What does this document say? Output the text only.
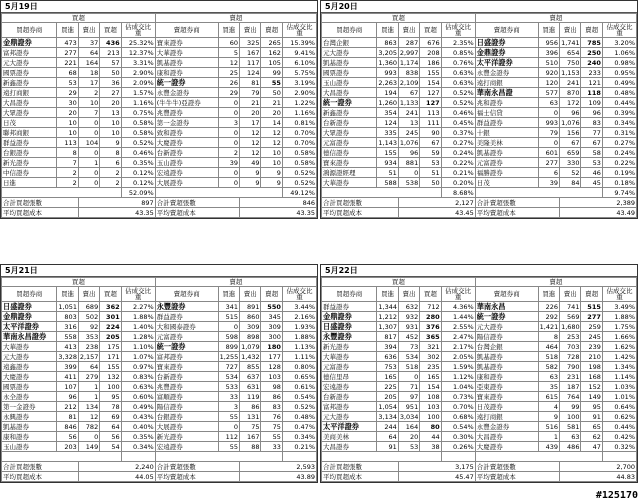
5月19日
買超					賣超				
買超券商	買進	賣出	買超	佔成交比重	賣超券商	買進	賣出	賣超	佔成交比重
金鼎證券	473	37	436	25.32%	寶來證券	60	325	265	15.39%
富邦證券	277	64	213	12.37%	大華證券	5	167	162	9.41%
元大證券	221	164	57	3.31%	凱基證券	12	117	105	6.10%
國票證券	68	18	50	2.90%	康和證券	25	124	99	5.75%
新鑫證券	53	17	36	2.09%	統一證券	26	81	55	3.19%
遠打商銀	29	2	27	1.57%	永豐金證券	29	79	50	2.90%
大昌證券	30	10	20	1.16%	(牛牛牛)亞證券	0	21	21	1.22%
大眾證券	20	7	13	0.75%	兆豐證券	0	20	20	1.16%
日茂	10	0	10	0.58%	第一金證券	3	17	14	0.81%
聯邦商銀	10	0	10	0.58%	致和證券	0	12	12	0.70%
群益證券	113	104	9	0.52%	大慶證券	0	12	12	0.70%
台銀證券	8	0	8	0.46%	台新證券	2	12	10	0.58%
新光證券	7	1	6	0.35%	玉山證券	39	49	10	0.58%
中信證券	2	0	2	0.12%	宏遠證券	0	9	9	0.52%
日進	2	0	2	0.12%	大展證券	0	9	9	0.52%
				52.09%					49.12%
合計買超張數		897			合計賣超張數		846		
平均買超成本		43.35			平均賣超成本		43.35		
5月20日
買超					賣超				
買超券商	買進	賣出	買超	佔成交比重	賣超券商	買進	賣出	賣超	佔成交比重
台灣企銀	863	287	676	2.35%	日盛證券	956	1,741	785	3.20%
元大證券	3,205	2,997	208	0.85%	金鼎證券	396	654	250	1.06%
凱基證券	1,360	1,174	186	0.76%	太平洋證券	510	750	240	0.98%
國票證券	993	838	155	0.63%	永豐金證券	920	1,153	233	0.95%
玉山證券	2,263	2,109	154	0.63%	遠打商銀	120	241	121	0.49%
大昌證券	194	67	127	0.52%	華南永昌證	577	870	118	0.48%
統一證券	1,260	1,133	127	0.52%	兆和證券	63	172	109	0.44%
新鑫證券	354	241	113	0.46%	福士信貸	0	96	96	0.39%
台新證券	124	13	111	0.45%	群益證券	993	1,076	83	0.34%
大眾證券	335	245	90	0.37%	十銀	79	156	77	0.31%
元富證券	1,143	1,076	67	0.27%	美隆美林	0	67	67	0.27%
德信證券	155	96	59	0.24%	凱基證券	601	659	58	0.24%
寶來證券	934	881	53	0.22%	元富證券	277	330	53	0.22%
鴻源證經理	51	0	51	0.21%	福勝證券	6	52	46	0.19%
大華證券	588	538	50	0.20%	日茂	39	84	45	0.18%
				8.68%					9.74%
合計買超張數		2,127			合計賣超張數		2,389		
平均買超成本		43.45			平均賣超成本		43.49		
5月21日
買超					賣超				
買超券商	買進	賣出	買超	佔成交比重	賣超券商	買進	賣出	賣超	佔成交比重
日盛證券	1,051	689	362	2.27%	永豐證券	341	891	550	3.44%
金鼎證券	803	502	301	1.88%	群益證券	515	860	345	2.16%
太平洋證券	316	92	224	1.40%	大和國泰證券	0	309	309	1.93%
華南永昌證券	558	353	205	1.28%	元富證券	598	898	300	1.88%
大華證券	413	238	175	1.10%	統一證券	899	1,079	180	1.13%
元大證券	3,328	2,157	171	1.07%	富邦證券	1,255	1,432	177	1.11%
遠鑫證券	399	64	155	0.97%	寶來證券	727	855	128	0.80%
大慶證券	411	279	132	0.83%	台新證券	534	637	103	0.65%
國票證券	107	1	100	0.63%	兆豐證券	533	631	98	0.61%
永全證券	96	1	95	0.60%	富順證券	33	119	86	0.54%
第一金證券	212	134	78	0.49%	陽信證券	3	86	83	0.52%
永興證券	81	12	69	0.43%	台銀證券	55	131	76	0.48%
凱基證券	846	782	64	0.40%	大展證券	0	75	75	0.47%
康和證券	56	0	56	0.35%	新光證券	112	167	55	0.34%
玉山證券	203	149	54	0.34%	宏遠證券	55	88	33	0.21%

合計買超張數		2,240			合計賣超張數		2,593		
平均買超成本		44.05			平均賣超成本		43.89		
5月22日
買超					賣超				
買超券商	買進	賣出	買超	佔成交比重	賣超券商	買進	賣出	賣超	佔成交比重
群益證券	1,344	632	712	4.36%	華南永昌	226	741	515	3.49%
金鼎證券	1,212	932	280	1.44%	統一證券	292	569	277	1.88%
日盛證券	1,307	931	376	2.55%	元大證券	1,421	1,680	259	1.75%
永豐證券	817	452	365	2.47%	陽信證券	8	253	245	1.66%
新光證券	394	73	321	2.17%	台灣企銀	464	703	239	1.62%
大華證券	636	534	302	2.05%	凱基證券	518	728	210	1.42%
元富證券	753	518	235	1.59%	凱基證券	582	790	198	1.34%
德信里昂	165	0	165	1.12%	康和證券	63	231	168	1.14%
宏遠證券	225	71	154	1.04%	亞東證券	35	187	152	1.03%
台新證券	205	97	108	0.73%	寶來證券	615	764	149	1.01%
富邦證券	1,054	951	103	0.70%	日茂證券	4	99	95	0.64%
元大證券	3,134	3,034	100	0.68%	遠打商銀	9	100	91	0.62%
太平洋證券	244	164	80	0.54%	永豐金證券	516	581	65	0.44%
美商美林	64	20	44	0.30%	大昌證券	1	63	62	0.42%
大昌證券	91	53	38	0.26%	大慶證券	439	486	47	0.32%

合計買超張數		3,175			合計賣超張數		2,700		
平均買超成本		45.47			平均賣超成本		44.83		
#125170
